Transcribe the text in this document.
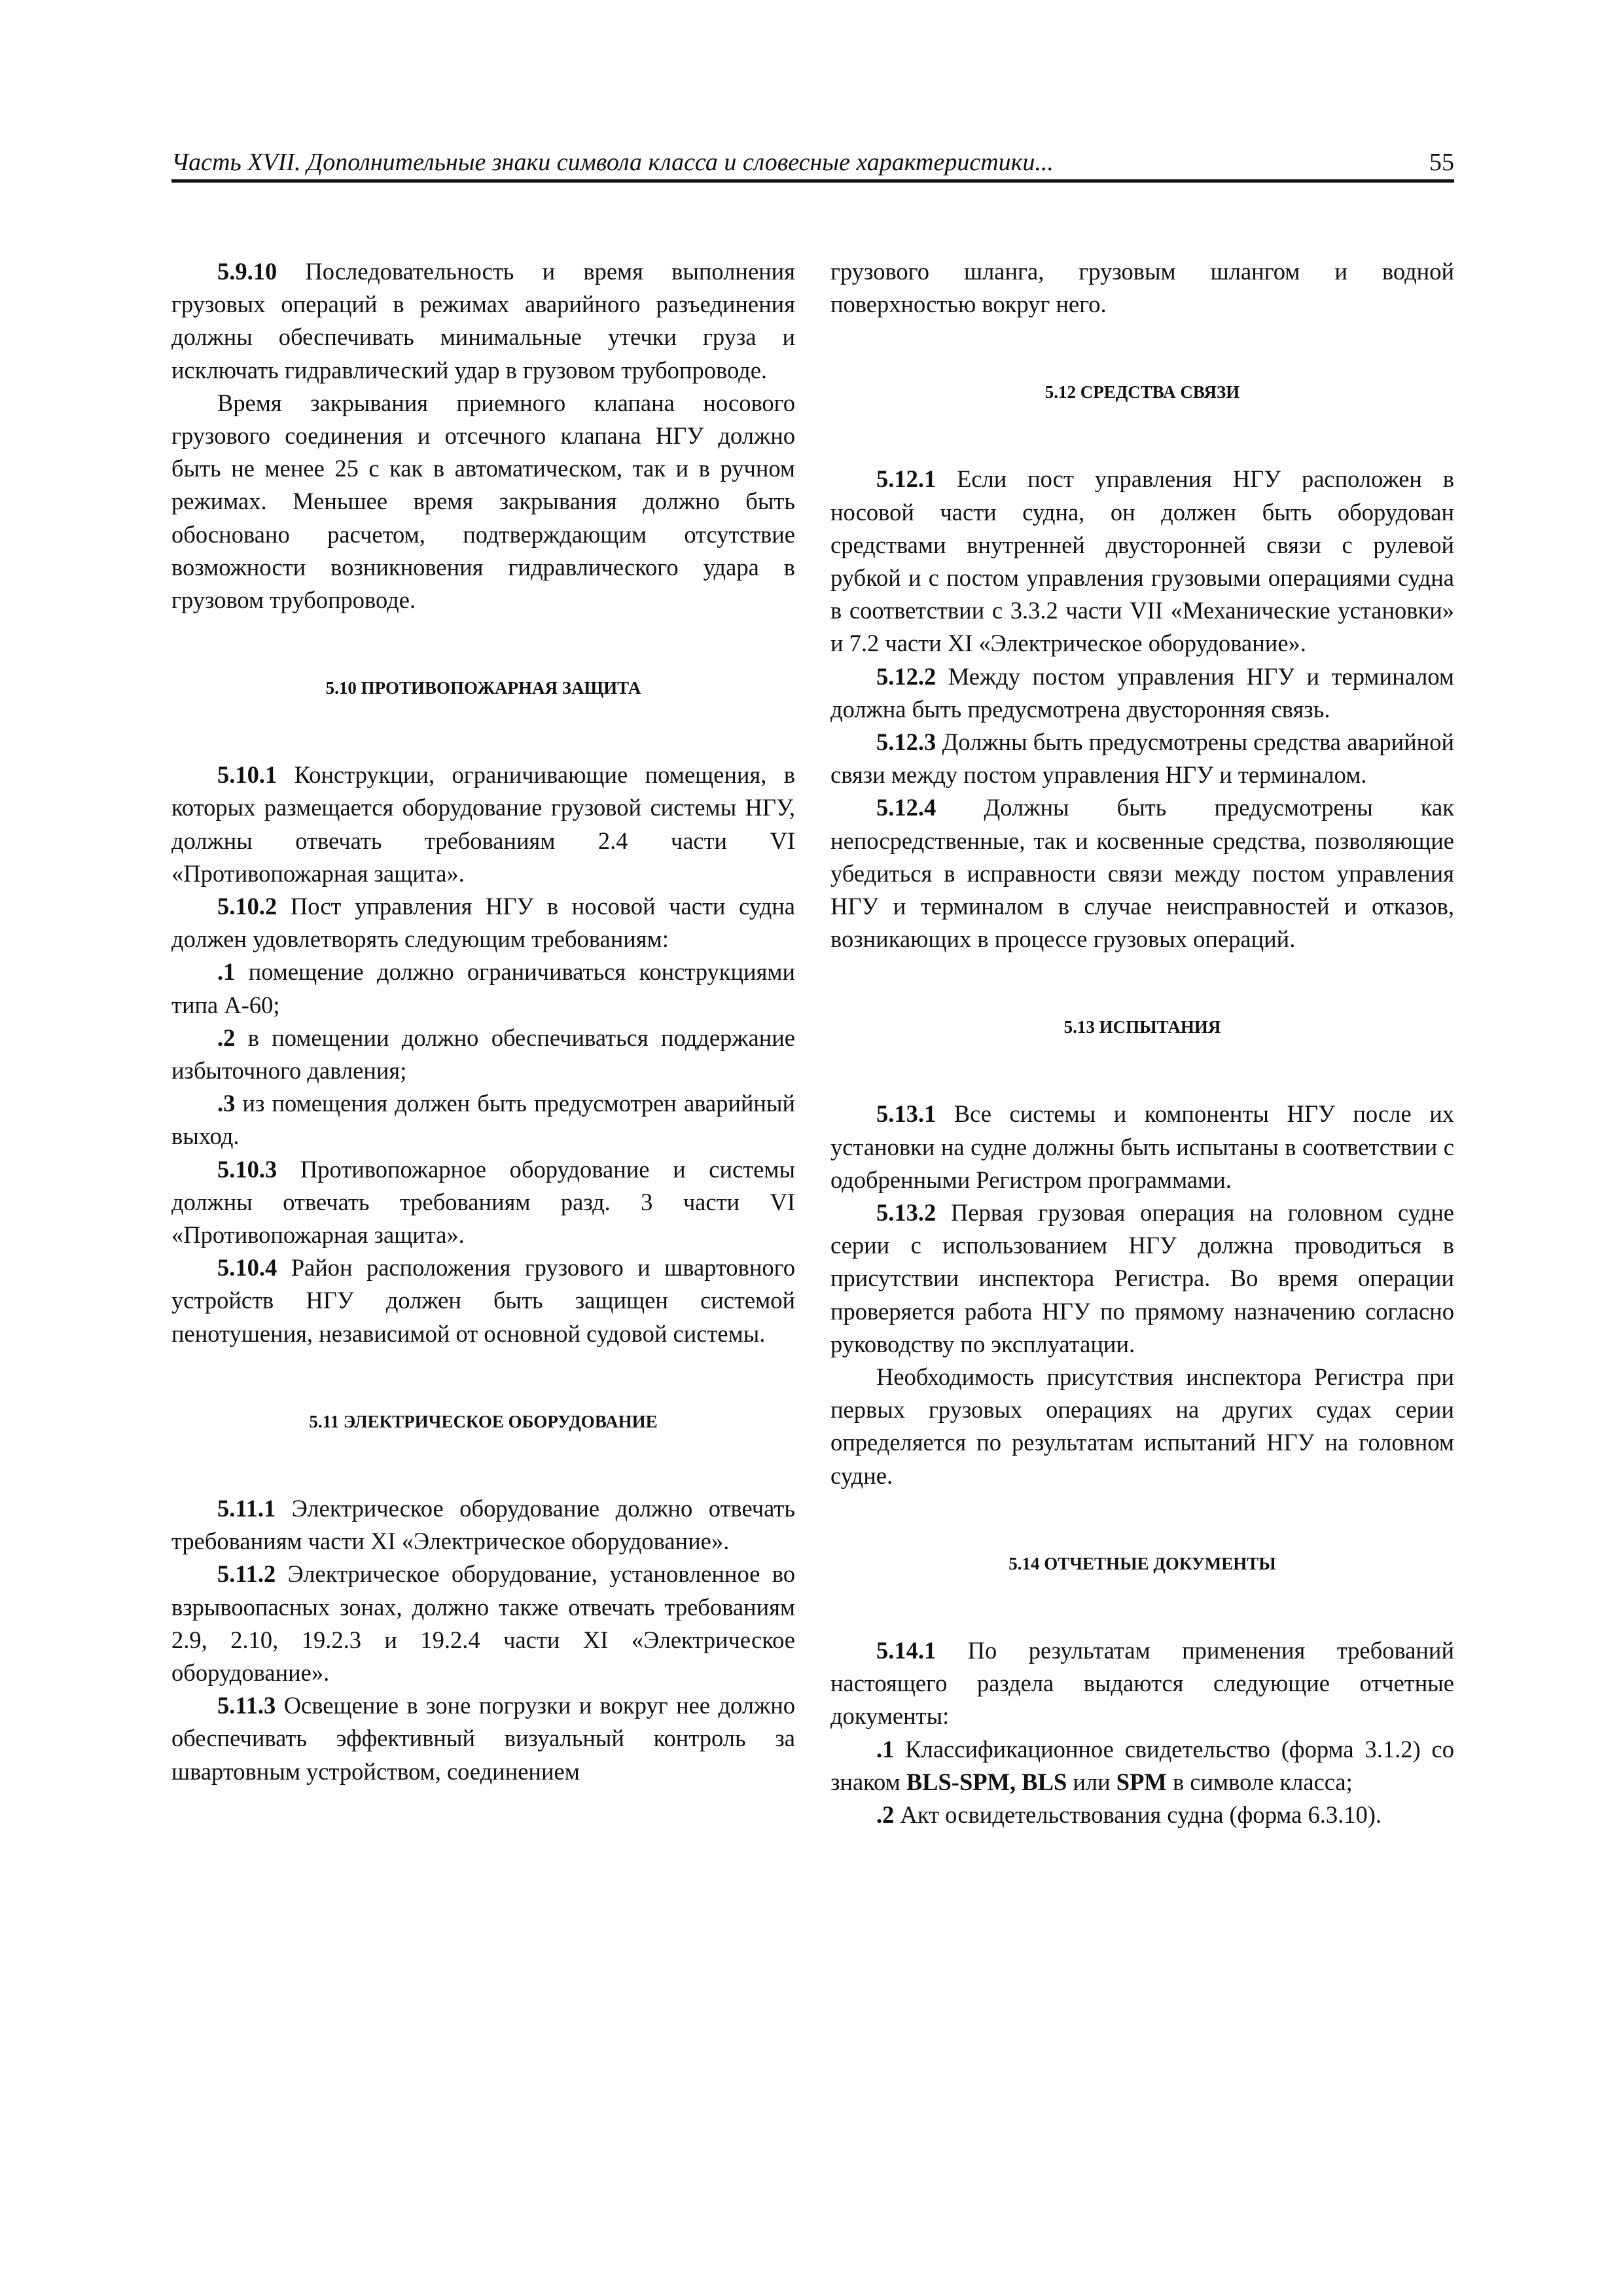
Часть XVII. Дополнительные знаки символа класса и словесные характеристики...	55

5.9.10 Последовательность и время выполнения грузовых операций в режимах аварийного разъединения должны обеспечивать минимальные утечки груза и исключать гидравлический удар в грузовом трубопроводе.

Время закрывания приемного клапана носового грузового соединения и отсечного клапана НГУ должно быть не менее 25 с как в автоматическом, так и в ручном режимах. Меньшее время закрывания должно быть обосновано расчетом, подтверждающим отсутствие возможности возникновения гидравлического удара в грузовом трубопроводе.

5.10 ПРОТИВОПОЖАРНАЯ ЗАЩИТА

5.10.1 Конструкции, ограничивающие помещения, в которых размещается оборудование грузовой системы НГУ, должны отвечать требованиям 2.4 части VI «Противопожарная защита».

5.10.2 Пост управления НГУ в носовой части судна должен удовлетворять следующим требованиям:

.1 помещение должно ограничиваться конструкциями типа А-60;

.2 в помещении должно обеспечиваться поддержание избыточного давления;

.3 из помещения должен быть предусмотрен аварийный выход.

5.10.3 Противопожарное оборудование и системы должны отвечать требованиям разд. 3 части VI «Противопожарная защита».

5.10.4 Район расположения грузового и швартовного устройств НГУ должен быть защищен системой пенотушения, независимой от основной судовой системы.

5.11 ЭЛЕКТРИЧЕСКОЕ ОБОРУДОВАНИЕ

5.11.1 Электрическое оборудование должно отвечать требованиям части XI «Электрическое оборудование».

5.11.2 Электрическое оборудование, установленное во взрывоопасных зонах, должно также отвечать требованиям 2.9, 2.10, 19.2.3 и 19.2.4 части XI «Электрическое оборудование».

5.11.3 Освещение в зоне погрузки и вокруг нее должно обеспечивать эффективный визуальный контроль за швартовным устройством, соединением

грузового шланга, грузовым шлангом и водной поверхностью вокруг него.

5.12 СРЕДСТВА СВЯЗИ

5.12.1 Если пост управления НГУ расположен в носовой части судна, он должен быть оборудован средствами внутренней двусторонней связи с рулевой рубкой и с постом управления грузовыми операциями судна в соответствии с 3.3.2 части VII «Механические установки» и 7.2 части XI «Электрическое оборудование».

5.12.2 Между постом управления НГУ и терминалом должна быть предусмотрена двусторонняя связь.

5.12.3 Должны быть предусмотрены средства аварийной связи между постом управления НГУ и терминалом.

5.12.4 Должны быть предусмотрены как непосредственные, так и косвенные средства, позволяющие убедиться в исправности связи между постом управления НГУ и терминалом в случае неисправностей и отказов, возникающих в процессе грузовых операций.

5.13 ИСПЫТАНИЯ

5.13.1 Все системы и компоненты НГУ после их установки на судне должны быть испытаны в соответствии с одобренными Регистром программами.

5.13.2 Первая грузовая операция на головном судне серии с использованием НГУ должна проводиться в присутствии инспектора Регистра. Во время операции проверяется работа НГУ по прямому назначению согласно руководству по эксплуатации.

Необходимость присутствия инспектора Регистра при первых грузовых операциях на других судах серии определяется по результатам испытаний НГУ на головном судне.

5.14 ОТЧЕТНЫЕ ДОКУМЕНТЫ

5.14.1 По результатам применения требований настоящего раздела выдаются следующие отчетные документы:

.1 Классификационное свидетельство (форма 3.1.2) со знаком BLS-SPM, BLS или SPM в символе класса;

.2 Акт освидетельствования судна (форма 6.3.10).
